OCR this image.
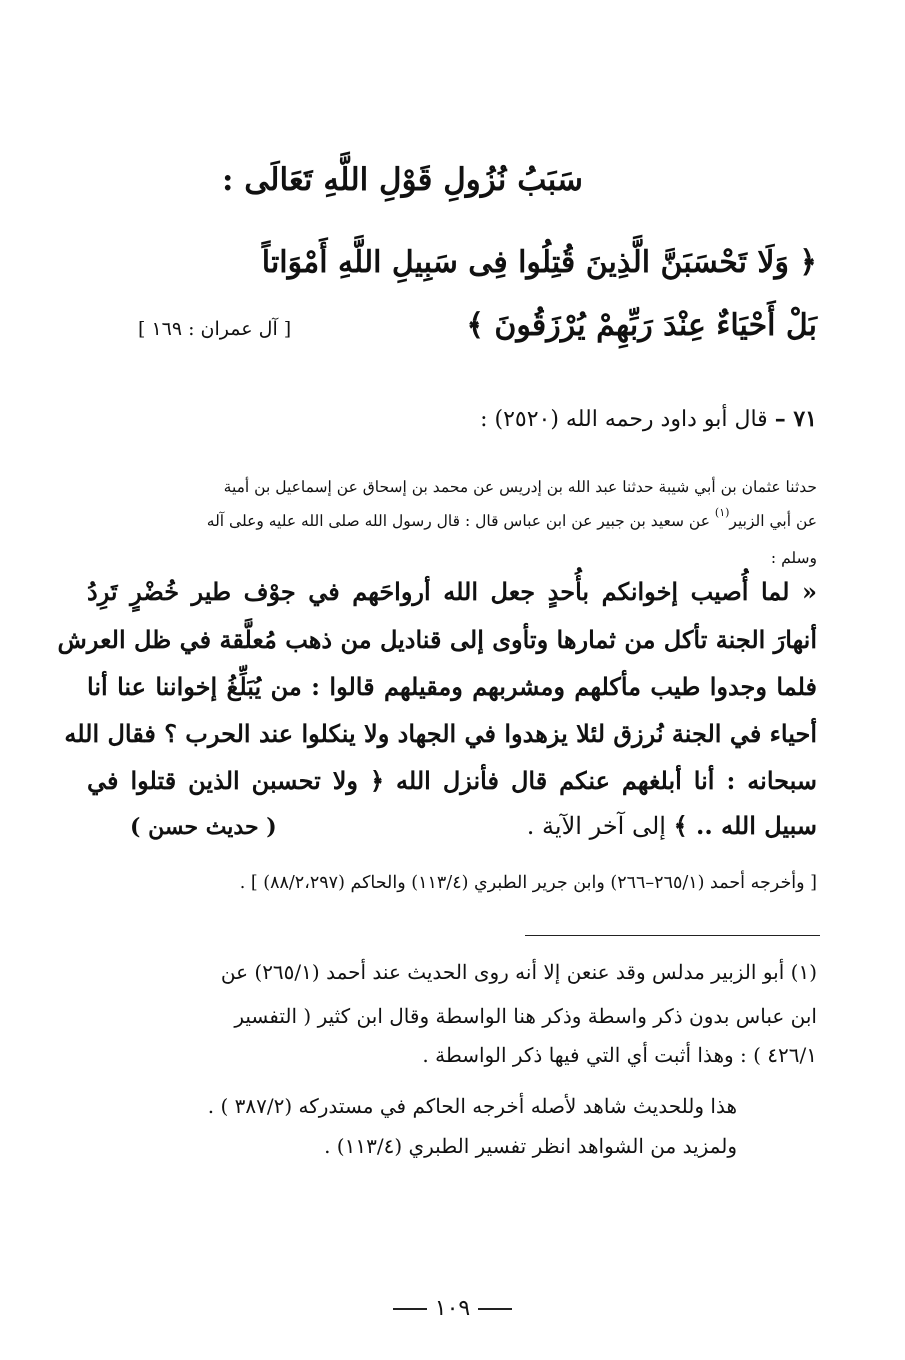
سَبَبُ نُزُولِ قَوْلِ اللَّهِ تَعَالَى :
﴿ وَلَا تَحْسَبَنَّ الَّذِينَ قُتِلُوا فِى سَبِيلِ اللَّهِ أَمْوَاتاً
بَلْ أَحْيَاءٌ عِنْدَ رَبِّهِمْ يُرْزَقُونَ ﴾
[ آل عمران : ١٦٩ ]
٧١ – قال أبو داود رحمه الله (٢٥٢٠) :
حدثنا عثمان بن أبي شيبة حدثنا عبد الله بن إدريس عن محمد بن إسحاق عن إسماعيل بن أمية
عن أبي الزبير$^{(١)}$ عن سعيد بن جبير عن ابن عباس قال : قال رسول الله صلى الله عليه وعلى آله
وسلم :
« لما أُصيب إخوانكم بأُحدٍ جعل الله أرواحَهم في جوْف طير خُضْرٍ تَرِدُ
أنهارَ الجنة تأكل من ثمارها وتأوى إلى قناديل من ذهب مُعلَّقة في ظل العرش
فلما وجدوا طيب مأكلهم ومشربهم ومقيلهم قالوا : من يُبَلِّغُ إخواننا عنا أنا
أحياء في الجنة نُرزق لئلا يزهدوا في الجهاد ولا ينكلوا عند الحرب ؟ فقال الله
سبحانه : أنا أبلغهم عنكم قال فأنزل الله ﴿ ولا تحسبن الذين قتلوا في
سبيل الله .. ﴾ إلى آخر الآية .
( حديث حسن )
[ وأخرجه أحمد (٢٦٥/١–٢٦٦) وابن جرير الطبري (١١٣/٤) والحاكم (٨٨/٢،٢٩٧) ] .
(١) أبو الزبير مدلس وقد عنعن إلا أنه روى الحديث عند أحمد (٢٦٥/١) عن
ابن عباس بدون ذكر واسطة وذكر هنا الواسطة وقال ابن كثير ( التفسير
٤٢٦/١ ) : وهذا أثبت أي التي فيها ذكر الواسطة .
هذا وللحديث شاهد لأصله أخرجه الحاكم في مستدركه (٣٨٧/٢ ) .
ولمزيد من الشواهد انظر تفسير الطبري (١١٣/٤) .
١٠٩
